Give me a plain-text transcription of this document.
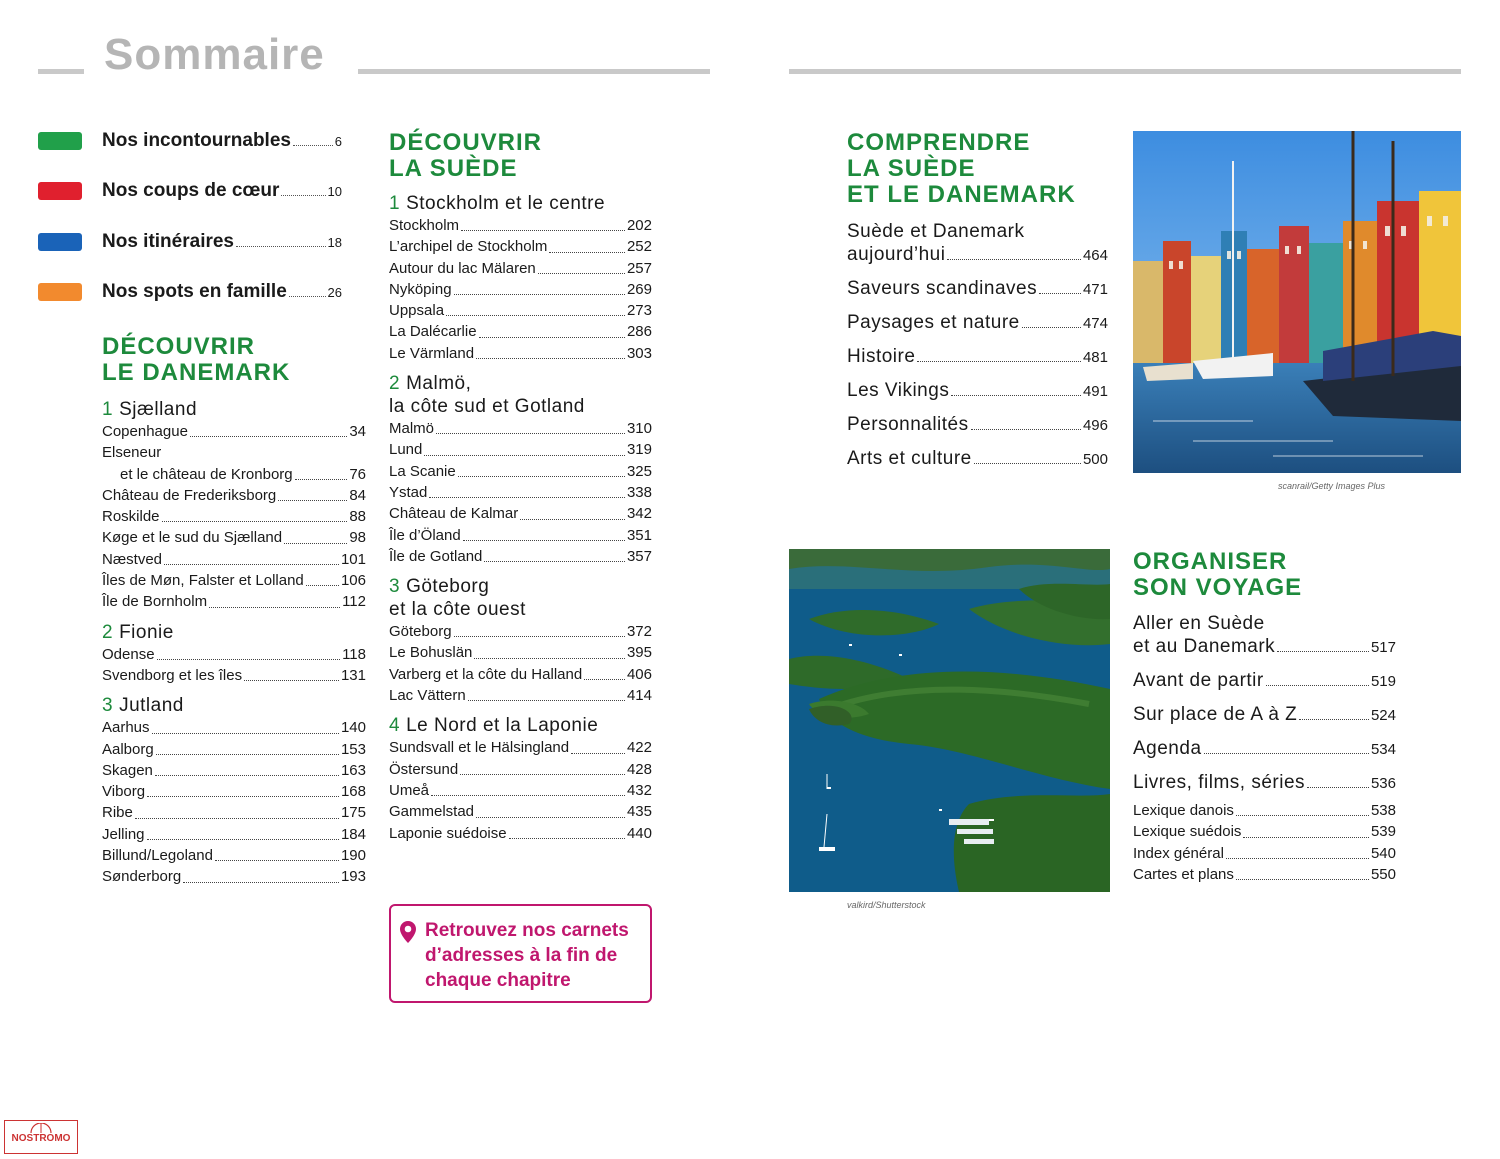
Sommaire
Nos incontournables	6
Nos coups de cœur	10
Nos itinéraires	18
Nos spots en famille	26
DÉCOUVRIR
LE DANEMARK
1 Sjælland
Copenhague	34
Elseneur
et le château de Kronborg	76
Château de Frederiksborg	84
Roskilde	88
Køge et le sud du Sjælland	98
Næstved	101
Îles de Møn, Falster et Lolland 106
Île de Bornholm	112
2 Fionie
Odense	118
Svendborg et les îles	131
3 Jutland
Aarhus	140
Aalborg	153
Skagen	163
Viborg	168
Ribe	175
Jelling	184
Billund/Legoland	190
Sønderborg	193
DÉCOUVRIR
LA SUÈDE
1 Stockholm et le centre
Stockholm	202
L’archipel de Stockholm	252
Autour du lac Mälaren	257
Nyköping	269
Uppsala	273
La Dalécarlie	286
Le Värmland	303
2 Malmö,
la côte sud et Gotland
Malmö	310
Lund	319
La Scanie	325
Ystad	338
Château de Kalmar	342
Île d’Öland	351
Île de Gotland	357
3 Göteborg
et la côte ouest
Göteborg	372
Le Bohuslän	395
Varberg et la côte du Halland	406
Lac Vättern	414
4 Le Nord et la Laponie
Sundsvall et le Hälsingland	422
Östersund	428
Umeå	432
Gammelstad	435
Laponie suédoise	440
Retrouvez nos carnets
d’adresses à la fin de
chaque chapitre
COMPRENDRE
LA SUÈDE
ET LE DANEMARK
Suède et Danemark
aujourd’hui	464
Saveurs scandinaves	471
Paysages et nature	474
Histoire	481
Les Vikings	491
Personnalités	496
Arts et culture	500
scanrail/Getty Images Plus
valkird/Shutterstock
ORGANISER
SON VOYAGE
Aller en Suède
et au Danemark	517
Avant de partir	519
Sur place de A à Z	524
Agenda	534
Livres, films, séries	536
Lexique danois	538
Lexique suédois	539
Index général	540
Cartes et plans	550
NOSTROMO
